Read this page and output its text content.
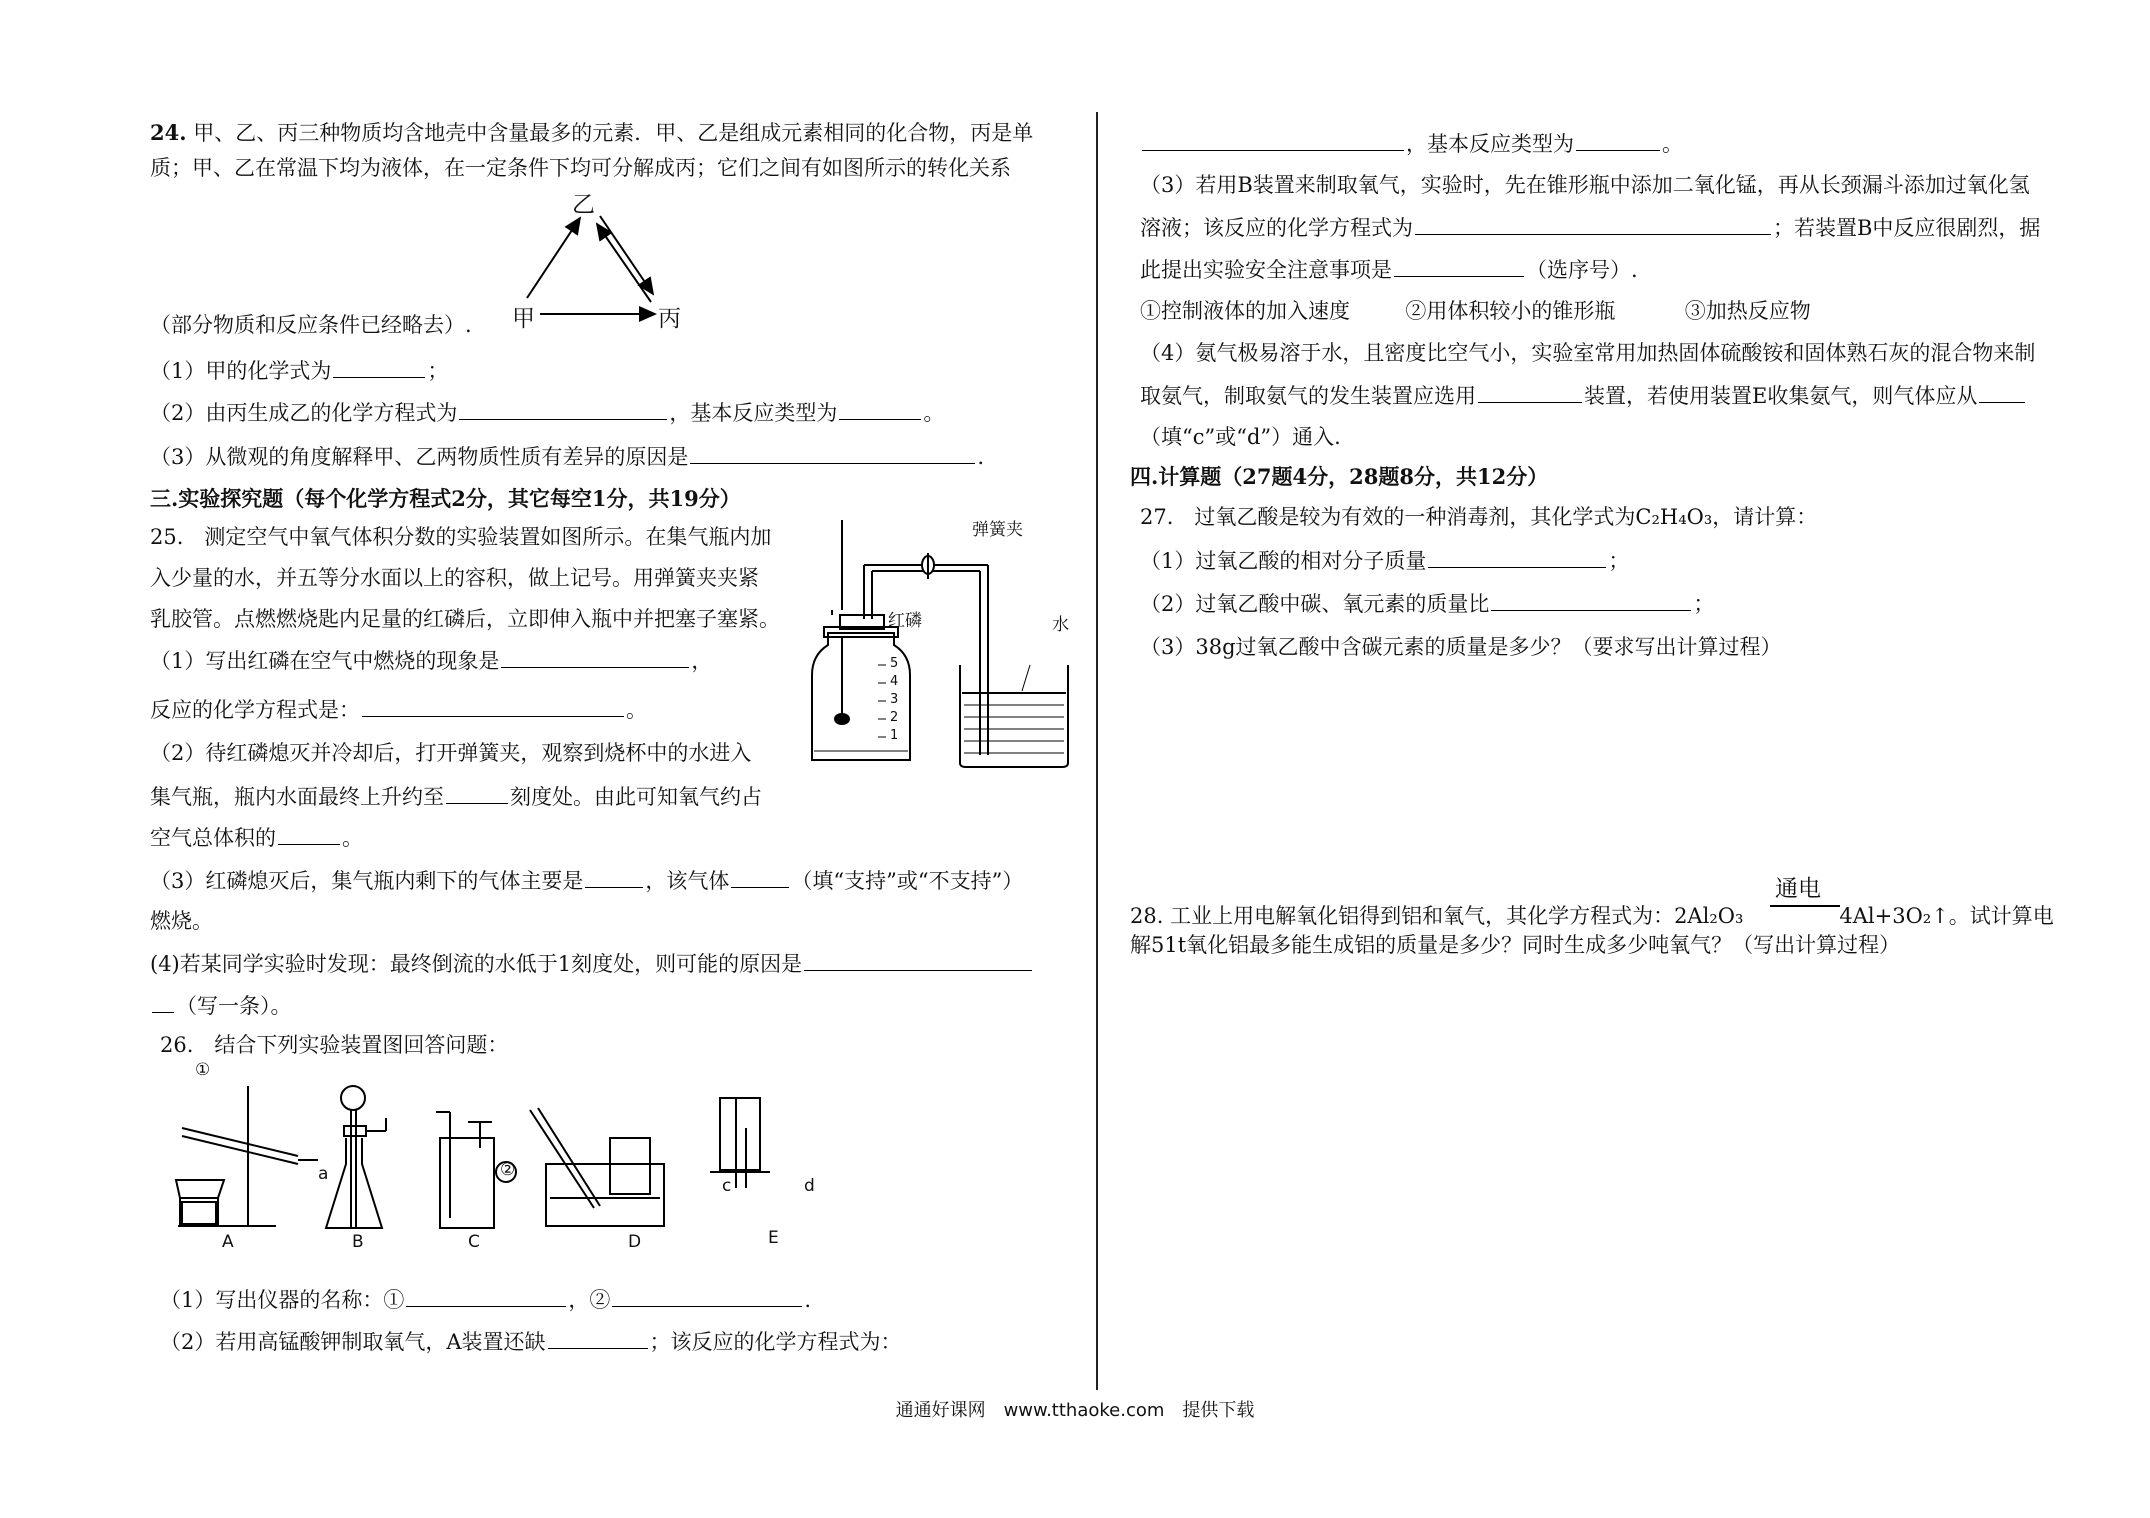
24. 甲、乙、丙三种物质均含地壳中含量最多的元素．甲、乙是组成元素相同的化合物，丙是单
质；甲、乙在常温下均为液体，在一定条件下均可分解成丙；它们之间有如图所示的转化关系
乙
甲	丙
（部分物质和反应条件已经略去）.
（1）甲的化学式为	；
（2）由丙生成乙的化学方程式为	，基本反应类型为	。
（3）从微观的角度解释甲、乙两物质性质有差异的原因是	.
三.实验探究题（每个化学方程式2分，其它每空1分，共19分）
25.　测定空气中氧气体积分数的实验装置如图所示。在集气瓶内加
入少量的水，并五等分水面以上的容积，做上记号。用弹簧夹夹紧
乳胶管。点燃燃烧匙内足量的红磷后，立即伸入瓶中并把塞子塞紧。
（1）写出红磷在空气中燃烧的现象是	，
反应的化学方程式是：	。
（2）待红磷熄灭并冷却后，打开弹簧夹，观察到烧杯中的水进入
集气瓶，瓶内水面最终上升约至	刻度处。由此可知氧气约占
空气总体积的	。
（3）红磷熄灭后，集气瓶内剩下的气体主要是	，该气体	（填“支持”或“不支持”）
燃烧。
(4)若某同学实验时发现：最终倒流的水低于1刻度处，则可能的原因是
（写一条）。
弹簧夹
红磷	水
5
4
3
2
1
26.　结合下列实验装置图回答问题：
①
a	②
c	d
A	B	C	D	E
（1）写出仪器的名称：①	，②	.
（2）若用高锰酸钾制取氧气，A装置还缺	；该反应的化学方程式为：
，基本反应类型为	。
（3）若用B装置来制取氧气，实验时，先在锥形瓶中添加二氧化锰，再从长颈漏斗添加过氧化氢
溶液；该反应的化学方程式为	；若装置B中反应很剧烈，据
此提出实验安全注意事项是	（选序号）.
①控制液体的加入速度	②用体积较小的锥形瓶	③加热反应物
（4）氨气极易溶于水，且密度比空气小，实验室常用加热固体硫酸铵和固体熟石灰的混合物来制
取氨气，制取氨气的发生装置应选用	装置，若使用装置E收集氨气，则气体应从
（填“c”或“d”）通入.
四.计算题（27题4分，28题8分，共12分）
27.　过氧乙酸是较为有效的一种消毒剂，其化学式为C₂H₄O₃，请计算：
（1）过氧乙酸的相对分子质量	；
（2）过氧乙酸中碳、氧元素的质量比	；
（3）38g过氧乙酸中含碳元素的质量是多少？（要求写出计算过程）
通电
28. 工业上用电解氧化铝得到铝和氧气，其化学方程式为：2Al₂O₃	4Al+3O₂↑。试计算电
解51t氧化铝最多能生成铝的质量是多少？同时生成多少吨氧气？（写出计算过程）
通通好课网　www.tthaoke.com　提供下载
